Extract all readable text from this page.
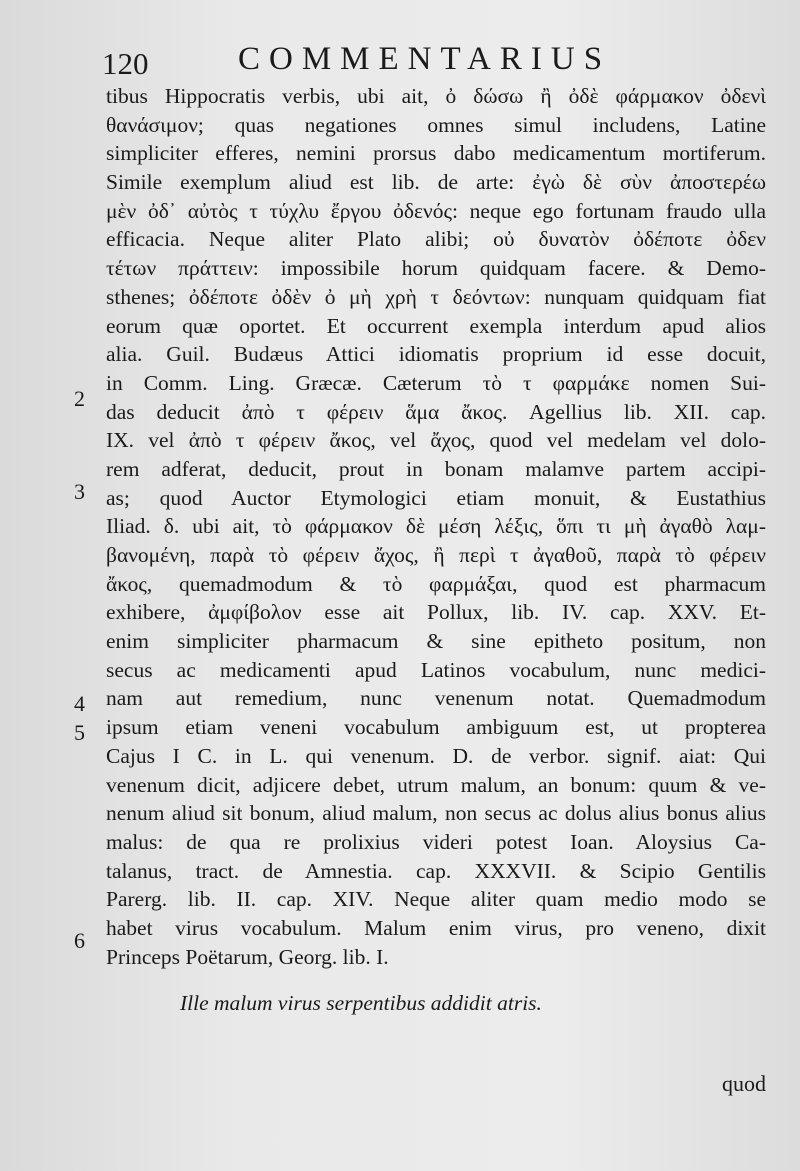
120	COMMENTARIUS
tibus Hippocratis verbis, ubi ait, ὀ δώσω ἢ ὀδὲ φάρμακον ὀδενὶ
θανάσιμον; quas negationes omnes simul includens, Latine
simpliciter efferes, nemini prorsus dabo medicamentum mortiferum.
Simile exemplum aliud est lib. de arte: ἐγὼ δὲ σὺν ἀποστερέω
μὲν ὀδ᾽ αὐτὸς τ τύχλυ ἔργου ὀδενός: neque ego fortunam fraudo ulla
efficacia. Neque aliter Plato alibi; οὐ δυνατὸν ὀδέποτε ὀδεν
τέτων πράττειν: impossibile horum quidquam facere. & Demo-
sthenes; ὀδέποτε ὀδὲν ὀ μὴ χρὴ τ δεόντων: nunquam quidquam fiat
eorum quæ oportet. Et occurrent exempla interdum apud alios
alia. Guil. Budæus Attici idiomatis proprium id esse docuit,
in Comm. Ling. Græcæ. Cæterum τὸ τ φαρμάκε nomen Sui-
das deducit ἀπὸ τ φέρειν ἅμα ἄκος. Agellius lib. XII. cap.
IX. vel ἀπὸ τ φέρειν ἄκος, vel ἄχος, quod vel medelam vel dolo-
rem adferat, deducit, prout in bonam malamve partem accipi-
as; quod Auctor Etymologici etiam monuit, & Eustathius
Iliad. δ. ubi ait, τὸ φάρμακον δὲ μέση λέξις, ὅπι τι μὴ ἀγαθὸ λαμ-
βανομένη, παρὰ τὸ φέρειν ἄχος, ἢ περὶ τ ἀγαθοῦ, παρὰ τὸ φέρειν
ἄκος, quemadmodum & τὸ φαρμάξαι, quod est pharmacum
exhibere, ἀμφίβολον esse ait Pollux, lib. IV. cap. XXV. Et-
enim simpliciter pharmacum & sine epitheto positum, non
secus ac medicamenti apud Latinos vocabulum, nunc medici-
nam aut remedium, nunc venenum notat. Quemadmodum
ipsum etiam veneni vocabulum ambiguum est, ut propterea
Cajus I C. in L. qui venenum. D. de verbor. signif. aiat: Qui
venenum dicit, adjicere debet, utrum malum, an bonum: quum & ve-
nenum aliud sit bonum, aliud malum, non secus ac dolus alius bonus alius
malus: de qua re prolixius videri potest Ioan. Aloysius Ca-
talanus, tract. de Amnestia. cap. XXXVII. & Scipio Gentilis
Parerg. lib. II. cap. XIV. Neque aliter quam medio modo se
habet virus vocabulum. Malum enim virus, pro veneno, dixit
Princeps Poëtarum, Georg. lib. I.
Ille malum virus serpentibus addidit atris.
2
3
4
5
6
quod
